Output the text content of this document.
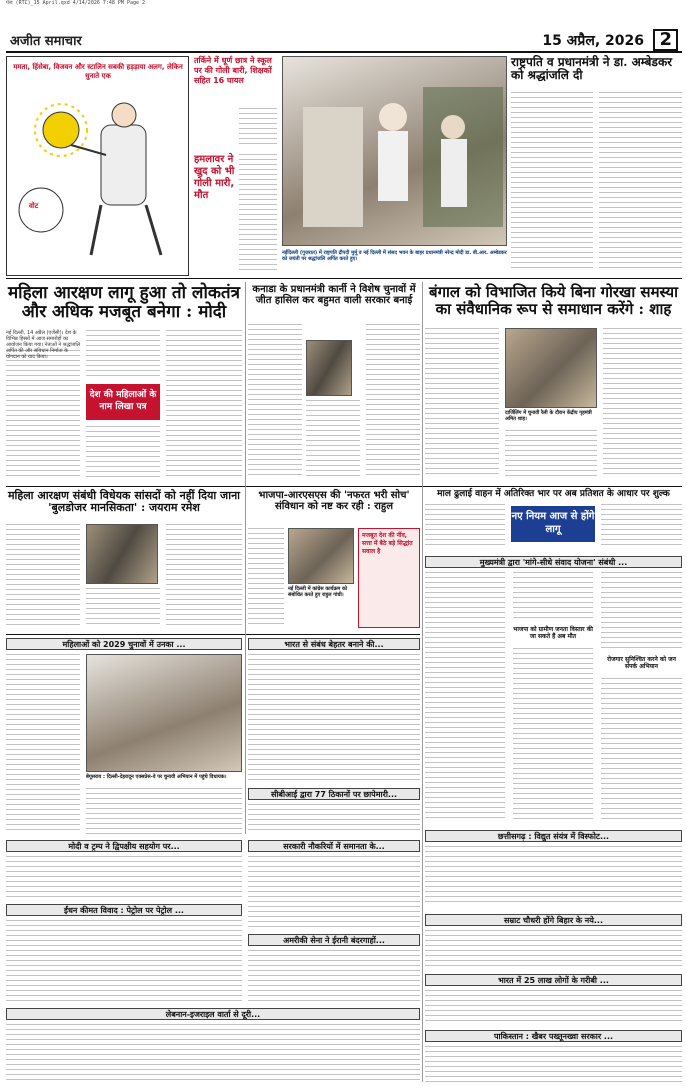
पेज (RTC)_15 April.qxd 4/14/2026 7:48 PM Page 2
अजीत समाचार	15 अप्रैल, 2026 2
ममता, हिंसेबा, विजवन और स्टालिन सबकी हड़ड़ाया अलग, लेकिन धुनाते एक
वोट
तर्किने में धूर्ण छात्र ने स्कूल पर की गोली बारी, शिक्षकों सहित 16 घायल
हमलावर ने खुद को भी गोली मारी, मौत
नईदिल्ली (गुजरात) में राष्ट्रपति द्रौपदी मुर्मू व नई दिल्ली में संसद भवन के बाहर प्रधानमंत्री नरेन्द्र मोदी डा. बी.आर. अम्बेडकर को जयंती पर श्रद्धांजलि अर्पित करते हुए।
राष्ट्रपति व प्रधानमंत्री ने डा. अम्बेडकर को श्रद्धांजलि दी
महिला आरक्षण लागू हुआ तो लोकतंत्र और अधिक मजबूत बनेगा : मोदी
देश की महिलाओं के नाम लिखा पत्र
कनाडा के प्रधानमंत्री कार्नी ने विशेष चुनावों में जीत हासिल कर बहुमत वाली सरकार बनाई	बंगाल को विभाजित किये बिना गोरखा समस्या का संवैधानिक रूप से समाधान करेंगे : शाह
दार्जिलिंग में चुनावी रैली के दौरान केंद्रीय गृहमंत्री अमित शाह।
महिला आरक्षण संबंधी विधेयक सांसदों को नहीं दिया जाना 'बुलडोजर मानसिकता' : जयराम रमेश
भाजपा-आरएसएस की 'नफरत भरी सोच' संविधान को नष्ट कर रही : राहुल
नई दिल्ली में कांग्रेस कार्यक्रम को संबोधित करते हुए राहुल गांधी।
मजबूत देश की नींव, सत्ता में बैठे बड़े सिद्धांत सवाल है
माल ढुलाई वाहन में अतिरिक्त भार पर अब प्रतिशत के आधार पर शुल्क
नए नियम आज से होंगे लागू
मुख्यमंत्री द्वारा 'मांगे-सीधे संवाद योजना' संबंधी ...
भाजपा को ग्रामीण जनता विस्तार की जा सकते हैं अब मौत
रोजगार सुनिश्चित करने को जन संपर्क अभियान
महिलाओं को 2029 चुनावों में उनका ...
बेगूसराय : दिल्ली-देहरादून एक्सप्रेस-वे पर चुनावी अभियान में पहुंचे विधायक।
भारत से संबंध बेहतर बनाने की...
सीबीआई द्वारा 77 ठिकानों पर छापेमारी...
छत्तीसगढ़ : विद्युत संयंत्र में विस्फोट...
मोदी व ट्रम्प ने द्विपक्षीय सहयोग पर...	सरकारी नौकरियों में समानता के...
ईंधन कीमत विवाद : पेट्रोल पर पेट्रोल ...
सम्राट चौधरी होंगे बिहार के नये...
अमरीकी सेना ने ईरानी बंदरगाहों...
भारत में 25 लाख लोगों के गरीबी ...
लेबनान-इजराइल वार्ता से दूरी...
पाकिस्तान : खैबर पख्तूनख्वा सरकार ...
नई दिल्ली, 14 अप्रैल (एजेंसी)। देश के विभिन्न हिस्सों में आज समारोहों का आयोजन किया गया। नेताओं ने श्रद्धांजलि अर्पित की और संविधान निर्माता के योगदान को याद किया।
